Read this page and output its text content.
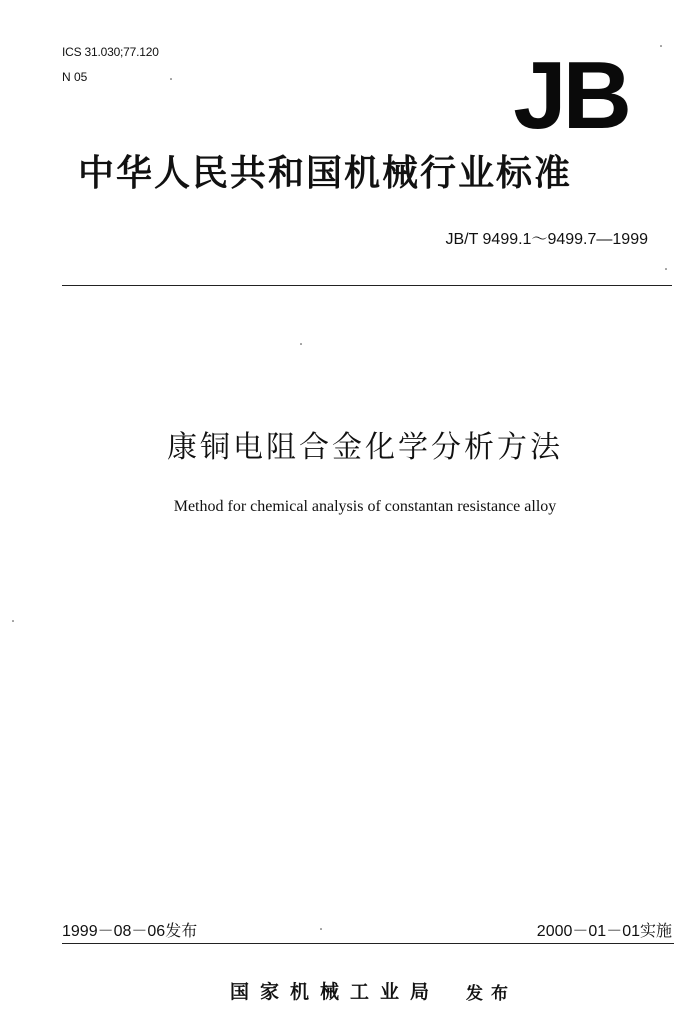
ICS 31.030;77.120
N 05	JB
中华人民共和国机械行业标准
JB/T 9499.1～9499.7—1999
康铜电阻合金化学分析方法
Method for chemical analysis of constantan resistance alloy
1999－08－06发布	2000－01－01实施
国家机械工业局 发布
